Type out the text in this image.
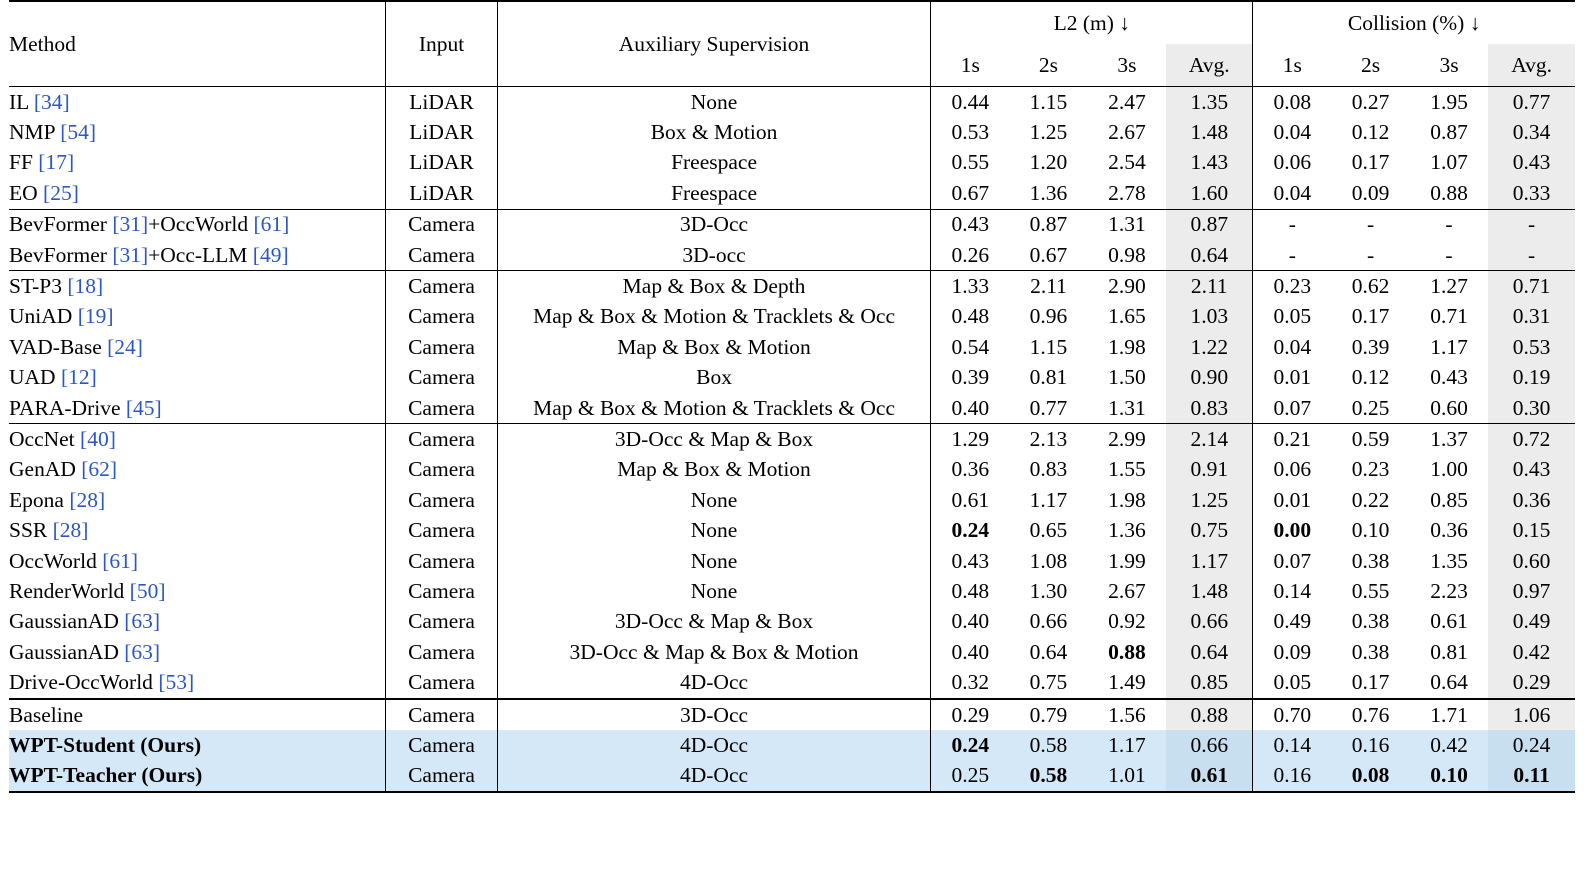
Method	Input	Auxiliary Supervision	L2 (m) ↓				Collision (%) ↓			
			1s	2s	3s	Avg.	1s	2s	3s	Avg.
IL [34]	LiDAR	None	0.44	1.15	2.47	1.35	0.08	0.27	1.95	0.77
NMP [54]	LiDAR	Box & Motion	0.53	1.25	2.67	1.48	0.04	0.12	0.87	0.34
FF [17]	LiDAR	Freespace	0.55	1.20	2.54	1.43	0.06	0.17	1.07	0.43
EO [25]	LiDAR	Freespace	0.67	1.36	2.78	1.60	0.04	0.09	0.88	0.33
BevFormer [31]+OccWorld [61]	Camera	3D-Occ	0.43	0.87	1.31	0.87	-	-	-	-
BevFormer [31]+Occ-LLM [49]	Camera	3D-occ	0.26	0.67	0.98	0.64	-	-	-	-
ST-P3 [18]	Camera	Map & Box & Depth	1.33	2.11	2.90	2.11	0.23	0.62	1.27	0.71
UniAD [19]	Camera	Map & Box & Motion & Tracklets & Occ	0.48	0.96	1.65	1.03	0.05	0.17	0.71	0.31
VAD-Base [24]	Camera	Map & Box & Motion	0.54	1.15	1.98	1.22	0.04	0.39	1.17	0.53
UAD [12]	Camera	Box	0.39	0.81	1.50	0.90	0.01	0.12	0.43	0.19
PARA-Drive [45]	Camera	Map & Box & Motion & Tracklets & Occ	0.40	0.77	1.31	0.83	0.07	0.25	0.60	0.30
OccNet [40]	Camera	3D-Occ & Map & Box	1.29	2.13	2.99	2.14	0.21	0.59	1.37	0.72
GenAD [62]	Camera	Map & Box & Motion	0.36	0.83	1.55	0.91	0.06	0.23	1.00	0.43
Epona [28]	Camera	None	0.61	1.17	1.98	1.25	0.01	0.22	0.85	0.36
SSR [28]	Camera	None	0.24	0.65	1.36	0.75	0.00	0.10	0.36	0.15
OccWorld [61]	Camera	None	0.43	1.08	1.99	1.17	0.07	0.38	1.35	0.60
RenderWorld [50]	Camera	None	0.48	1.30	2.67	1.48	0.14	0.55	2.23	0.97
GaussianAD [63]	Camera	3D-Occ & Map & Box	0.40	0.66	0.92	0.66	0.49	0.38	0.61	0.49
GaussianAD [63]	Camera	3D-Occ & Map & Box & Motion	0.40	0.64	0.88	0.64	0.09	0.38	0.81	0.42
Drive-OccWorld [53]	Camera	4D-Occ	0.32	0.75	1.49	0.85	0.05	0.17	0.64	0.29
Baseline	Camera	3D-Occ	0.29	0.79	1.56	0.88	0.70	0.76	1.71	1.06
WPT-Student (Ours)	Camera	4D-Occ	0.24	0.58	1.17	0.66	0.14	0.16	0.42	0.24
WPT-Teacher (Ours)	Camera	4D-Occ	0.25	0.58	1.01	0.61	0.16	0.08	0.10	0.11
